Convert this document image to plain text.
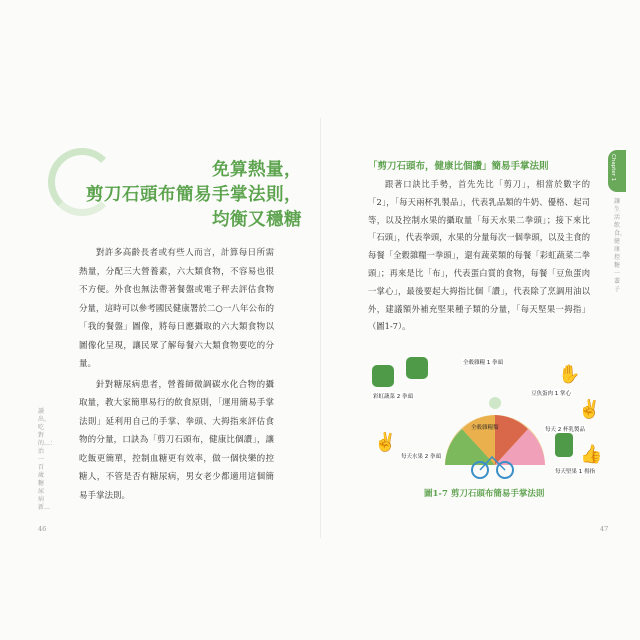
免算熱量，
剪刀石頭布簡易手掌法則，
均衡又穩糖

對許多高齡長者或有些人而言，計算每日所需熱量，分配三大營養素，六大類食物，不容易也很不方便。外食也無法帶著餐盤或電子秤去評估食物分量，這時可以參考國民健康署於二○一八年公布的「我的餐盤」圖像，將每日應攝取的六大類食物以圖像化呈現，讓民眾了解每餐六大類食物要吃的分量。

針對糖尿病患者，營養師微調碳水化合物的攝取量，教大家簡單易行的飲食原則，「運用簡易手掌法則」延利用自己的手掌、拳頭、大拇指來評估食物的分量，口訣為「剪刀石頭布，健康比個讚」，讓吃飯更簡單，控制血糖更有效率，做一個快樂的控糖人，不管是否有糖尿病，男女老少都適用這個簡易手掌法則。

讀出、吃對的…：治一百歲糖尿病新…
46
「剪刀石頭布，健康比個讚」簡易手掌法則

跟著口訣比手勢，首先先比「剪刀」，相當於數字的「2」，「每天兩杯乳製品」，代表乳品類的牛奶、優格、起司等，以及控制水果的攝取量「每天水果二拳頭」；接下來比「石頭」，代表拳頭，水果的分量每次一個拳頭，以及主食的每餐「全穀雜糧一拳頭」，還有蔬菜類的每餐「彩虹蔬菜二拳頭」；再來是比「布」，代表蛋白質的食物，每餐「豆魚蛋肉一掌心」，最後要起大拇指比個「讚」，代表除了烹調用油以外，建議額外補充堅果種子類的分量，「每天堅果一拇指」（圖1-7）。

Chapter 1
讓生活飲食，健康控糖一輩子
47
✋
✌
✌
👍
全穀雜糧 1 拳頭
豆魚蛋肉 1 掌心
彩虹蔬菜 2 拳頭
每天 2 杯乳製品
每天水果 2 拳頭
每天堅果 1 拇指
全穀雜糧類
圖1-7 剪刀石頭布簡易手掌法則
